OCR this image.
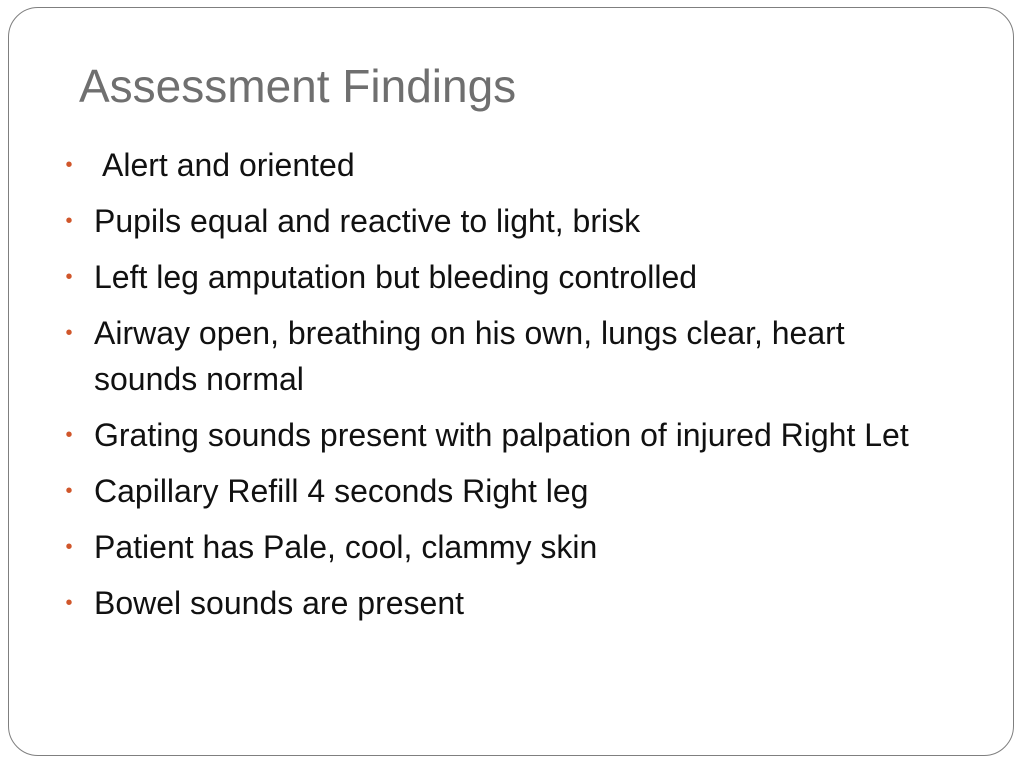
Assessment Findings
• Alert and oriented
• Pupils equal and reactive to light, brisk
• Left leg amputation but bleeding controlled
• Airway open, breathing on his own, lungs clear, heart sounds normal
• Grating sounds present with palpation of injured Right Let
• Capillary Refill 4 seconds Right leg
• Patient has Pale, cool, clammy skin
• Bowel sounds are present
